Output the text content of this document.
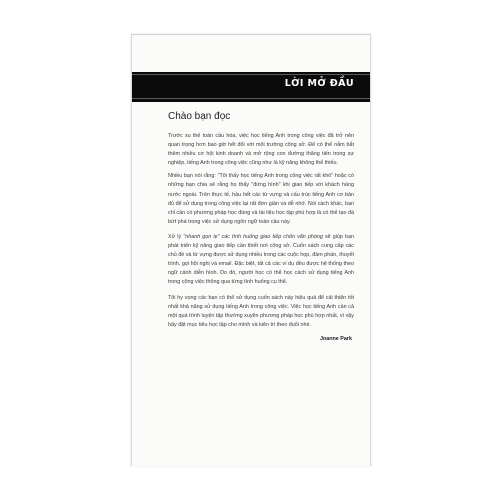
LỜI MỞ ĐẦU
Chào bạn đọc

Trước xu thế toàn cầu hóa, việc học tiếng Anh trong công việc đã trở nên quan trọng hơn bao giờ hết đối với môi trường công sở. Để có thể nắm bắt thêm nhiều cơ hội kinh doanh và mở rộng con đường thăng tiến trong sự nghiệp, tiếng Anh trong công việc cũng như là kỹ năng không thể thiếu.

Nhiều bạn nói rằng: "Tôi thấy học tiếng Anh trong công việc rất khó" hoặc có những bạn chia sẻ rằng họ thấy "đứng hình" khi giao tiếp với khách hàng nước ngoài. Trên thực tế, hầu hết các từ vựng và cấu trúc tiếng Anh cơ bản đủ để sử dụng trong công việc lại rất đơn giản và dễ nhớ. Nói cách khác, bạn chỉ cần có phương pháp học đúng và tài liệu học tập phù hợp là có thể tạo đà bứt phá trong việc sử dụng ngôn ngữ toàn cầu này.

Xử lý "nhanh gọn lẹ" các tình huống giao tiếp chốn văn phòng sẽ giúp bạn phát triển kỹ năng giao tiếp cần thiết nơi công sở. Cuốn sách cung cấp các chủ đề và từ vựng được sử dụng nhiều trong các cuộc họp, đàm phán, thuyết trình, gọi hội nghị và email. Đặc biệt, tất cả các ví dụ đều được hệ thống theo ngữ cảnh diễn hình. Do đó, người học có thể học cách sử dụng tiếng Anh trong công việc thông qua từng tình huống cụ thể.

Tôi hy vọng các bạn có thể sử dụng cuốn sách này hiệu quả để cải thiện tốt nhất khả năng sử dụng tiếng Anh trong công việc. Việc học tiếng Anh cần cả một quá trình luyện tập thường xuyên phương pháp học phù hợp nhất, vì vậy hãy đặt mục tiêu học tập cho mình và kiên trì theo đuổi nhé.

Joanne Park
